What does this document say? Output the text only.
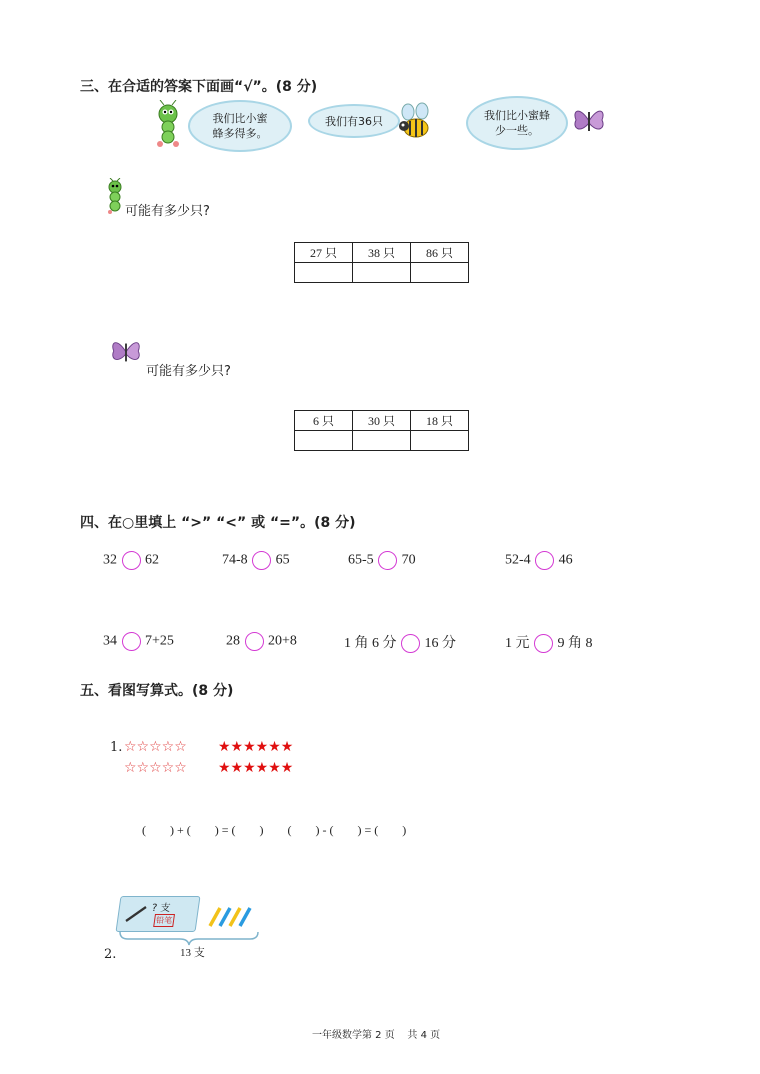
三、在合适的答案下面画“√”。(8 分)
我们比小蜜蜂多得多。
我们有36只	我们比小蜜蜂少一些。
可能有多少只?
27 只	38 只	86 只

可能有多少只?
6 只	30 只	18 只

四、在○里填上 “>” “<” 或 “=”。(8 分)
32 62	74-8 65	65-5 70	52-4 46
34 7+25	28 20+8	1 角 6 分 16 分	1 元 9 角 8
五、看图写算式。(8 分)
1. ☆☆☆☆☆ ★★★★★★
☆☆☆☆☆ ★★★★★★
(        ) + (        ) = (        )        (        ) - (        ) = (        )
? 支
铅笔
13 支
2.
一年级数学第 2 页    共 4 页
